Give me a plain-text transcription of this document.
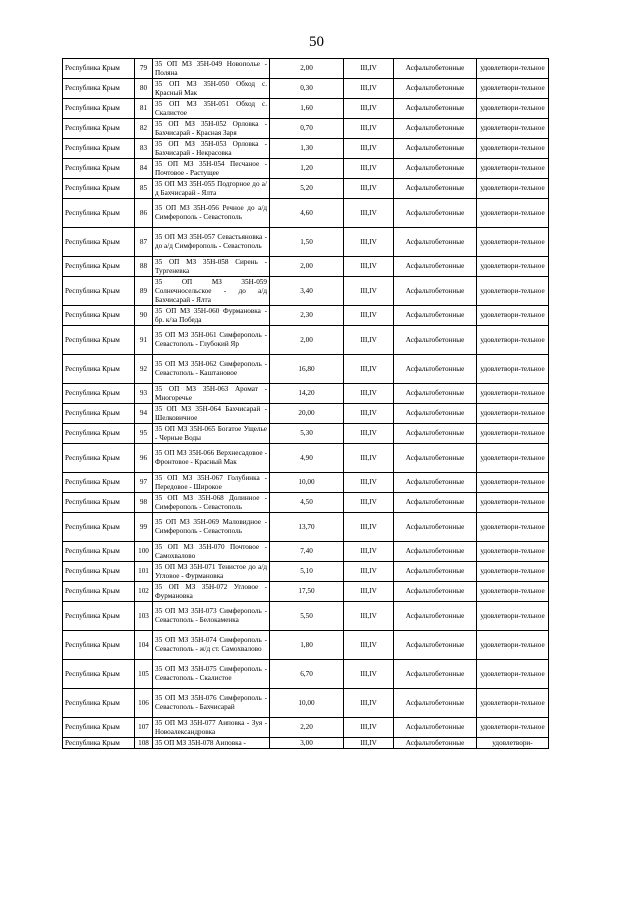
50
Республика Крым	79	35 ОП МЗ 35Н-049 Новополье - Поляна	2,00	III,IV	Асфальтобетонные	удовлетвори-тельное
Республика Крым	80	35 ОП МЗ 35Н-050 Обход с. Красный Мак	0,30	III,IV	Асфальтобетонные	удовлетвори-тельное
Республика Крым	81	35 ОП МЗ 35Н-051 Обход с. Скалистое	1,60	III,IV	Асфальтобетонные	удовлетвори-тельное
Республика Крым	82	35 ОП МЗ 35Н-052 Орловка - Бахчисарай - Красная Заря	0,70	III,IV	Асфальтобетонные	удовлетвори-тельное
Республика Крым	83	35 ОП МЗ 35Н-053 Орловка - Бахчисарай - Некрасовка	1,30	III,IV	Асфальтобетонные	удовлетвори-тельное
Республика Крым	84	35 ОП МЗ 35Н-054 Песчаное - Почтовое - Растущее	1,20	III,IV	Асфальтобетонные	удовлетвори-тельное
Республика Крым	85	35 ОП МЗ 35Н-055 Подгорное до а/д Бахчисарай - Ялта	5,20	III,IV	Асфальтобетонные	удовлетвори-тельное
Республика Крым	86	35 ОП МЗ 35Н-056 Речное до а/д Симферополь - Севастополь	4,60	III,IV	Асфальтобетонные	удовлетвори-тельное
Республика Крым	87	35 ОП МЗ 35Н-057 Севастьяновка - до а/д Симферополь - Севастополь	1,50	III,IV	Асфальтобетонные	удовлетвори-тельное
Республика Крым	88	35 ОП МЗ 35Н-058 Сирень - Тургеневка	2,00	III,IV	Асфальтобетонные	удовлетвори-тельное
Республика Крым	89	35 ОП МЗ 35Н-059 Солнечносельское - до а/д Бахчисарай - Ялта	3,40	III,IV	Асфальтобетонные	удовлетвори-тельное
Республика Крым	90	35 ОП МЗ 35Н-060 Фурмановка - бр. к/за Победа	2,30	III,IV	Асфальтобетонные	удовлетвори-тельное
Республика Крым	91	35 ОП МЗ 35Н-061 Симферополь - Севастополь - Глубокий Яр	2,00	III,IV	Асфальтобетонные	удовлетвори-тельное
Республика Крым	92	35 ОП МЗ 35Н-062 Симферополь - Севастополь - Каштановое	16,80	III,IV	Асфальтобетонные	удовлетвори-тельное
Республика Крым	93	35 ОП МЗ 35Н-063 Аромат - Многоречье	14,20	III,IV	Асфальтобетонные	удовлетвори-тельное
Республика Крым	94	35 ОП МЗ 35Н-064 Бахчисарай - Шелковичное	20,00	III,IV	Асфальтобетонные	удовлетвори-тельное
Республика Крым	95	35 ОП МЗ 35Н-065 Богатое Ущелье - Черные Воды	5,30	III,IV	Асфальтобетонные	удовлетвори-тельное
Республика Крым	96	35 ОП МЗ 35Н-066 Верхнесадовое - Фронтовое - Красный Мак	4,90	III,IV	Асфальтобетонные	удовлетвори-тельное
Республика Крым	97	35 ОП МЗ 35Н-067 Голубинка - Передовое - Широкое	10,00	III,IV	Асфальтобетонные	удовлетвори-тельное
Республика Крым	98	35 ОП МЗ 35Н-068 Долинное - Симферополь - Севастополь	4,50	III,IV	Асфальтобетонные	удовлетвори-тельное
Республика Крым	99	35 ОП МЗ 35Н-069 Маловидное - Симферополь - Севастополь	13,70	III,IV	Асфальтобетонные	удовлетвори-тельное
Республика Крым	100	35 ОП МЗ 35Н-070 Почтовое - Самохвалово	7,40	III,IV	Асфальтобетонные	удовлетвори-тельное
Республика Крым	101	35 ОП МЗ 35Н-071 Тенистое до а/д Угловое - Фурмановка	5,10	III,IV	Асфальтобетонные	удовлетвори-тельное
Республика Крым	102	35 ОП МЗ 35Н-072 Угловое - Фурмановка	17,50	III,IV	Асфальтобетонные	удовлетвори-тельное
Республика Крым	103	35 ОП МЗ 35Н-073 Симферополь - Севастополь - Белокаменка	5,50	III,IV	Асфальтобетонные	удовлетвори-тельное
Республика Крым	104	35 ОП МЗ 35Н-074 Симферополь - Севастополь - ж/д ст. Самохвалово	1,80	III,IV	Асфальтобетонные	удовлетвори-тельное
Республика Крым	105	35 ОП МЗ 35Н-075 Симферополь - Севастополь - Скалистое	6,70	III,IV	Асфальтобетонные	удовлетвори-тельное
Республика Крым	106	35 ОП МЗ 35Н-076 Симферополь - Севастополь - Бахчисарай	10,00	III,IV	Асфальтобетонные	удовлетвори-тельное
Республика Крым	107	35 ОП МЗ 35Н-077 Аиповка - Зуя - Новоалександровка	2,20	III,IV	Асфальтобетонные	удовлетвори-тельное
Республика Крым	108	35 ОП МЗ 35Н-078 Аиповка -	3,00	III,IV	Асфальтобетонные	удовлетвори-
